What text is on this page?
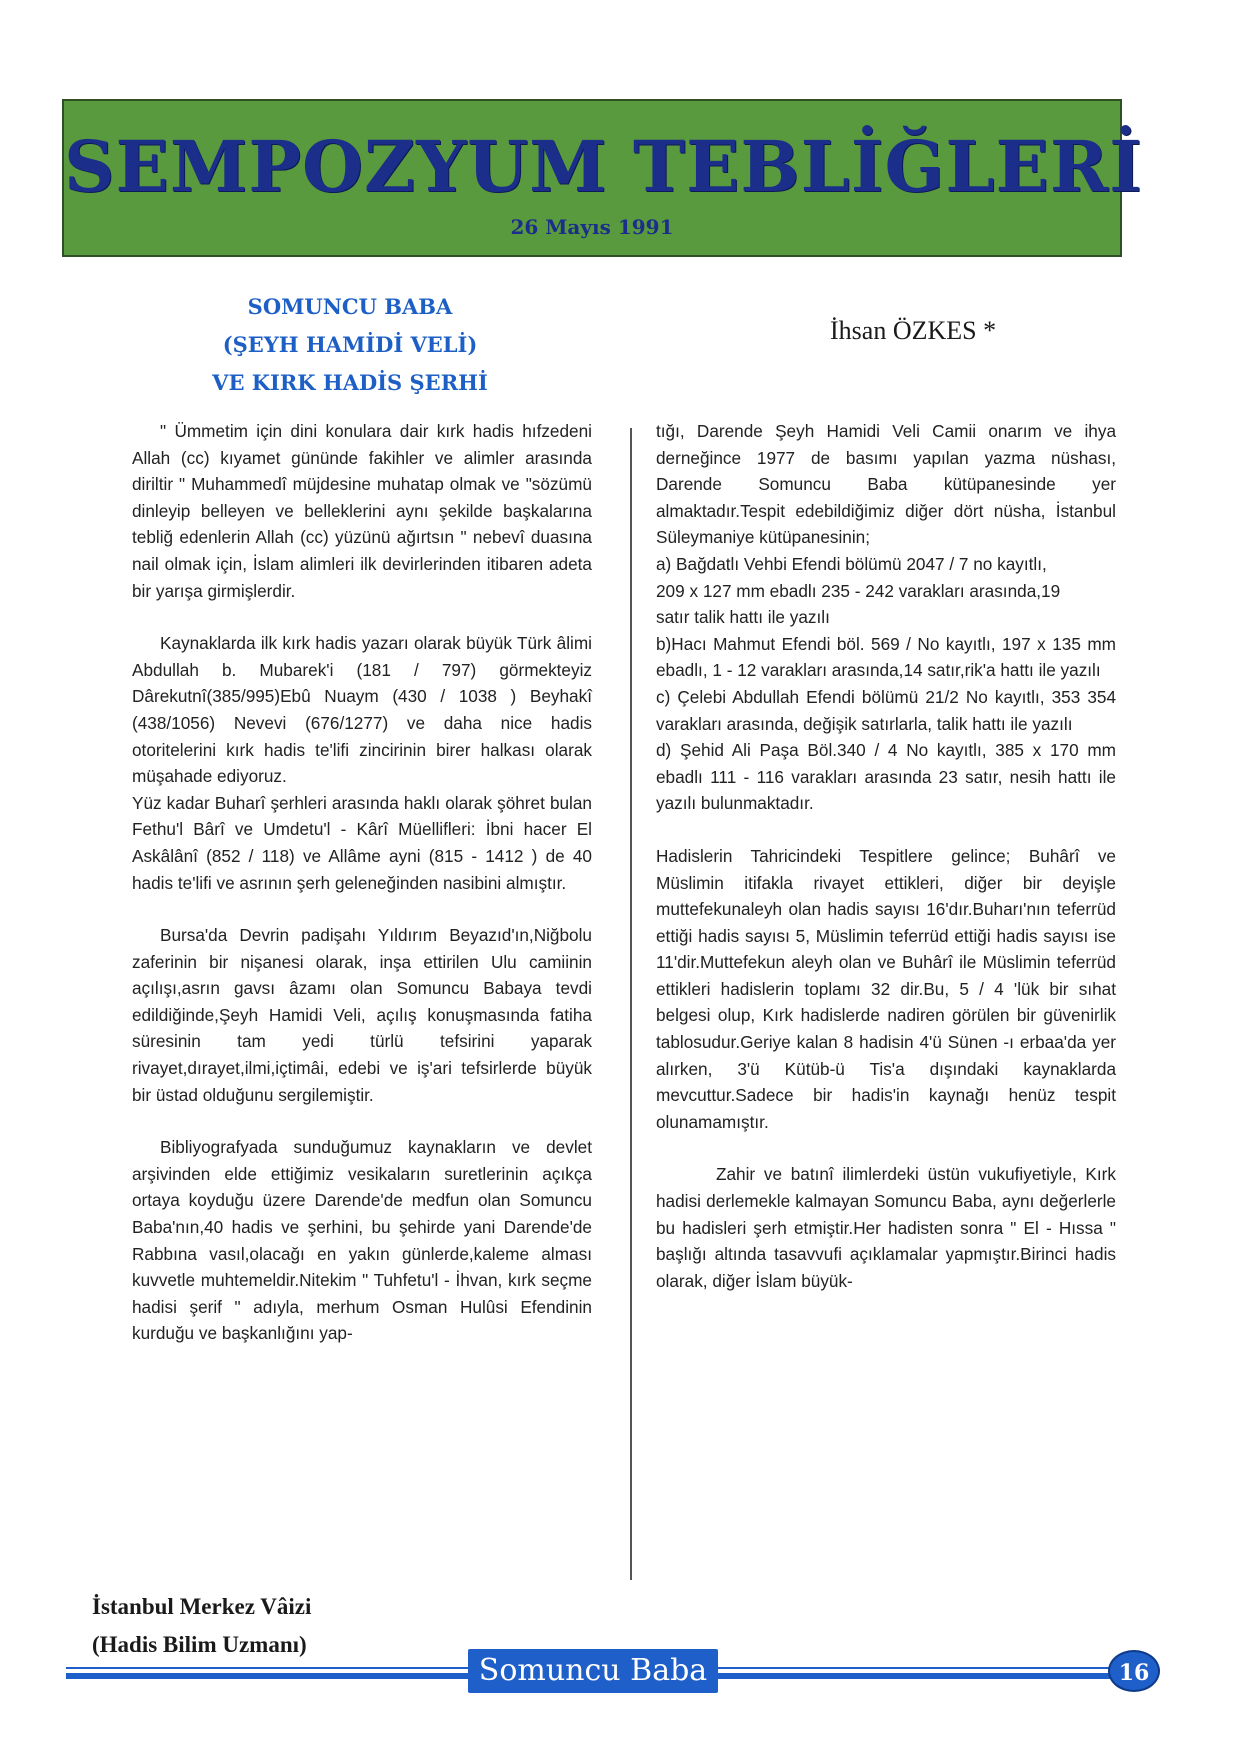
SEMPOZYUM TEBLİĞLERİ
26 Mayıs 1991
SOMUNCU BABA
(ŞEYH HAMİDİ VELİ)
VE KIRK HADİS ŞERHİ
İhsan ÖZKES *

" Ümmetim için dini konulara dair kırk hadis hıfzedeni Allah (cc) kıyamet gününde fakihler ve alimler arasında diriltir " Muhammedî müjdesine muhatap olmak ve "sözümü dinleyip belleyen ve belleklerini aynı şekilde başkalarına tebliğ edenlerin Allah (cc) yüzünü ağırtsın " nebevî duasına nail olmak için, İslam alimleri ilk devirlerinden itibaren adeta bir yarışa girmişlerdir.

Kaynaklarda ilk kırk hadis yazarı olarak büyük Türk âlimi Abdullah b. Mubarek'i (181 / 797) görmekteyiz Dârekutnî(385/995)Ebû Nuaym (430 / 1038 ) Beyhakî (438/1056) Nevevi (676/1277) ve daha nice hadis otoritelerini kırk hadis te'lifi zincirinin birer halkası olarak müşahade ediyoruz.

Yüz kadar Buharî şerhleri arasında haklı olarak şöhret bulan Fethu'l Bârî ve Umdetu'l - Kârî Müellifleri: İbni hacer El Askâlânî (852 / 118) ve Allâme ayni (815 - 1412 ) de 40 hadis te'lifi ve asrının şerh geleneğinden nasibini almıştır.

Bursa'da Devrin padişahı Yıldırım Beyazıd'ın,Niğbolu zaferinin bir nişanesi olarak, inşa ettirilen Ulu camiinin açılışı,asrın gavsı âzamı olan Somuncu Babaya tevdi edildiğinde,Şeyh Hamidi Veli, açılış konuşmasında fatiha süresinin tam yedi türlü tefsirini yaparak rivayet,dırayet,ilmi,içtimâi, edebi ve iş'ari tefsirlerde büyük bir üstad olduğunu sergilemiştir.

Bibliyografyada sunduğumuz kaynakların ve devlet arşivinden elde ettiğimiz vesikaların suretlerinin açıkça ortaya koyduğu üzere Darende'de medfun olan Somuncu Baba'nın,40 hadis ve şerhini, bu şehirde yani Darende'de Rabbına vasıl,olacağı en yakın günlerde,kaleme alması kuvvetle muhtemeldir.Nitekim " Tuhfetu'l - İhvan, kırk seçme hadisi şerif " adıyla, merhum Osman Hulûsi Efendinin kurduğu ve başkanlığını yap-

tığı, Darende Şeyh Hamidi Veli Camii onarım ve ihya derneğince 1977 de basımı yapılan yazma nüshası, Darende Somuncu Baba kütüpanesinde yer almaktadır.Tespit edebildiğimiz diğer dört nüsha, İstanbul Süleymaniye kütüpanesinin;

a) Bağdatlı Vehbi Efendi bölümü 2047 / 7 no kayıtlı,

209 x 127 mm ebadlı 235 - 242 varakları arasında,19

satır talik hattı ile yazılı

b)Hacı Mahmut Efendi böl. 569 / No kayıtlı, 197 x 135 mm ebadlı, 1 - 12 varakları arasında,14 satır,rik'a hattı ile yazılı

c) Çelebi Abdullah Efendi bölümü 21/2 No kayıtlı, 353 354 varakları arasında, değişik satırlarla, talik hattı ile yazılı

d) Şehid Ali Paşa Böl.340 / 4 No kayıtlı, 385 x 170 mm ebadlı 111 - 116 varakları arasında 23 satır, nesih hattı ile yazılı bulunmaktadır.

Hadislerin Tahricindeki Tespitlere gelince; Buhârî ve Müslimin itifakla rivayet ettikleri, diğer bir deyişle muttefekunaleyh olan hadis sayısı 16'dır.Buharı'nın teferrüd ettiği hadis sayısı 5, Müslimin teferrüd ettiği hadis sayısı ise 11'dir.Muttefekun aleyh olan ve Buhârî ile Müslimin teferrüd ettikleri hadislerin toplamı 32 dir.Bu, 5 / 4 'lük bir sıhat belgesi olup, Kırk hadislerde nadiren görülen bir güvenirlik tablosudur.Geriye kalan 8 hadisin 4'ü Sünen -ı erbaa'da yer alırken, 3'ü Kütüb-ü Tis'a dışındaki kaynaklarda mevcuttur.Sadece bir hadis'in kaynağı henüz tespit olunamamıştır.

Zahir ve batınî ilimlerdeki üstün vukufiyetiyle, Kırk hadisi derlemekle kalmayan Somuncu Baba, aynı değerlerle bu hadisleri şerh etmiştir.Her hadisten sonra " El - Hıssa " başlığı altında tasavvufi açıklamalar yapmıştır.Birinci hadis olarak, diğer İslam büyük-

İstanbul Merkez Vâizi
(Hadis Bilim Uzmanı)
Somuncu Baba	16
